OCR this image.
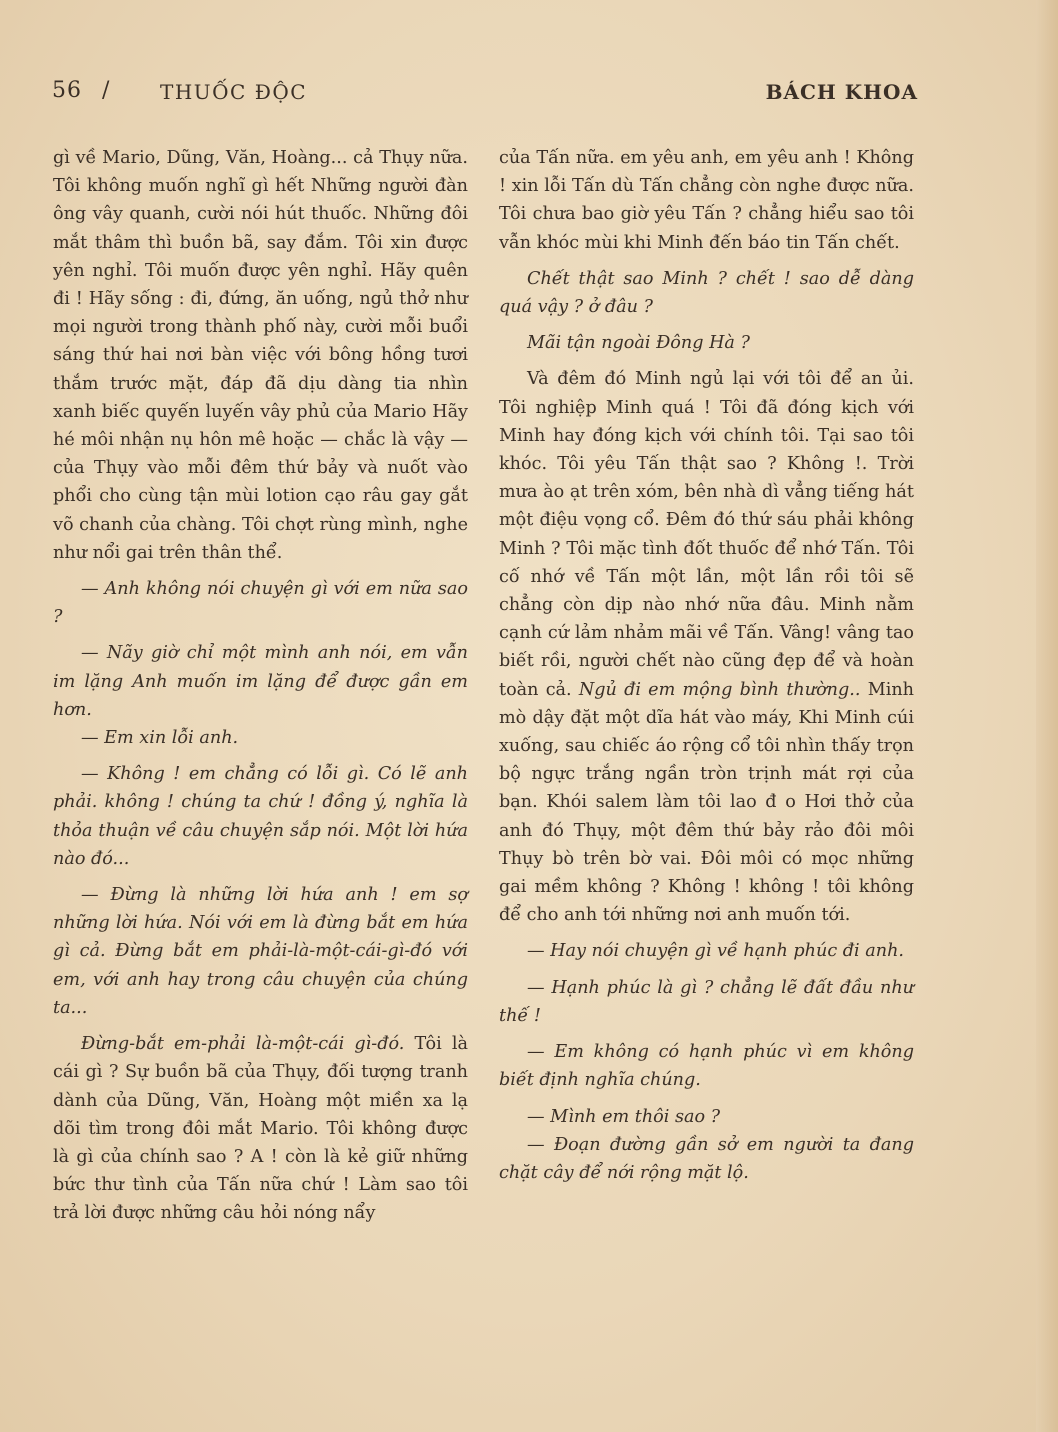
56 /	THUỐC ĐỘC	BÁCH KHOA

gì về Mario, Dũng, Văn, Hoàng... cả Thụy nữa. Tôi không muốn nghĩ gì hết Những người đàn ông vây quanh, cười nói hút thuốc. Những đôi mắt thâm thì buồn bã, say đắm. Tôi xin được yên nghỉ. Tôi muốn được yên nghỉ. Hãy quên đi ! Hãy sống : đi, đứng, ăn uống, ngủ thở như mọi người trong thành phố này, cười mỗi buổi sáng thứ hai nơi bàn việc với bông hồng tươi thắm trước mặt, đáp đã dịu dàng tia nhìn xanh biếc quyến luyến vây phủ của Mario Hãy hé môi nhận nụ hôn mê hoặc — chắc là vậy — của Thụy vào mỗi đêm thứ bảy và nuốt vào phổi cho cùng tận mùi lotion cạo râu gay gắt võ chanh của chàng. Tôi chợt rùng mình, nghe như nổi gai trên thân thể.

— Anh không nói chuyện gì với em nữa sao ?

— Nãy giờ chỉ một mình anh nói, em vẫn im lặng Anh muốn im lặng để được gần em hơn.

— Em xin lỗi anh.

— Không ! em chẳng có lỗi gì. Có lẽ anh phải. không ! chúng ta chứ ! đồng ý, nghĩa là thỏa thuận về câu chuyện sắp nói. Một lời hứa nào đó...

— Đừng là những lời hứa anh ! em sợ những lời hứa. Nói với em là đừng bắt em hứa gì cả. Đừng bắt em phải-là-một-cái-gì-đó với em, với anh hay trong câu chuyện của chúng ta...

Đừng-bắt em-phải là-một-cái gì-đó. Tôi là cái gì ? Sự buồn bã của Thụy, đối tượng tranh dành của Dũng, Văn, Hoàng một miền xa lạ dõi tìm trong đôi mắt Mario. Tôi không được là gì của chính sao ? A ! còn là kẻ giữ những bức thư tình của Tấn nữa chứ ! Làm sao tôi trả lời được những câu hỏi nóng nẩy

của Tấn nữa. em yêu anh, em yêu anh ! Không ! xin lỗi Tấn dù Tấn chẳng còn nghe được nữa. Tôi chưa bao giờ yêu Tấn ? chẳng hiểu sao tôi vẫn khóc mùi khi Minh đến báo tin Tấn chết.

Chết thật sao Minh ? chết ! sao dễ dàng quá vậy ? ở đâu ?

Mãi tận ngoài Đông Hà ?

Và đêm đó Minh ngủ lại với tôi để an ủi. Tôi nghiệp Minh quá ! Tôi đã đóng kịch với Minh hay đóng kịch với chính tôi. Tại sao tôi khóc. Tôi yêu Tấn thật sao ? Không !. Trời mưa ào ạt trên xóm, bên nhà dì vẳng tiếng hát một điệu vọng cổ. Đêm đó thứ sáu phải không Minh ? Tôi mặc tình đốt thuốc để nhớ Tấn. Tôi cố nhớ về Tấn một lần, một lần rồi tôi sẽ chẳng còn dịp nào nhớ nữa đâu. Minh nằm cạnh cứ lảm nhảm mãi về Tấn. Vâng! vâng tao biết rồi, người chết nào cũng đẹp để và hoàn toàn cả. Ngủ đi em mộng bình thường.. Minh mò dậy đặt một dĩa hát vào máy, Khi Minh cúi xuống, sau chiếc áo rộng cổ tôi nhìn thấy trọn bộ ngực trắng ngần tròn trịnh mát rợi của bạn. Khói salem làm tôi lao đ o Hơi thở của anh đó Thụy, một đêm thứ bảy rảo đôi môi Thụy bò trên bờ vai. Đôi môi có mọc những gai mềm không ? Không ! không ! tôi không để cho anh tới những nơi anh muốn tới.

— Hay nói chuyện gì về hạnh phúc đi anh.

— Hạnh phúc là gì ? chẳng lẽ đất đầu như thế !

— Em không có hạnh phúc vì em không biết định nghĩa chúng.

— Mình em thôi sao ?

— Đoạn đường gần sở em người ta đang chặt cây để nới rộng mặt lộ.
